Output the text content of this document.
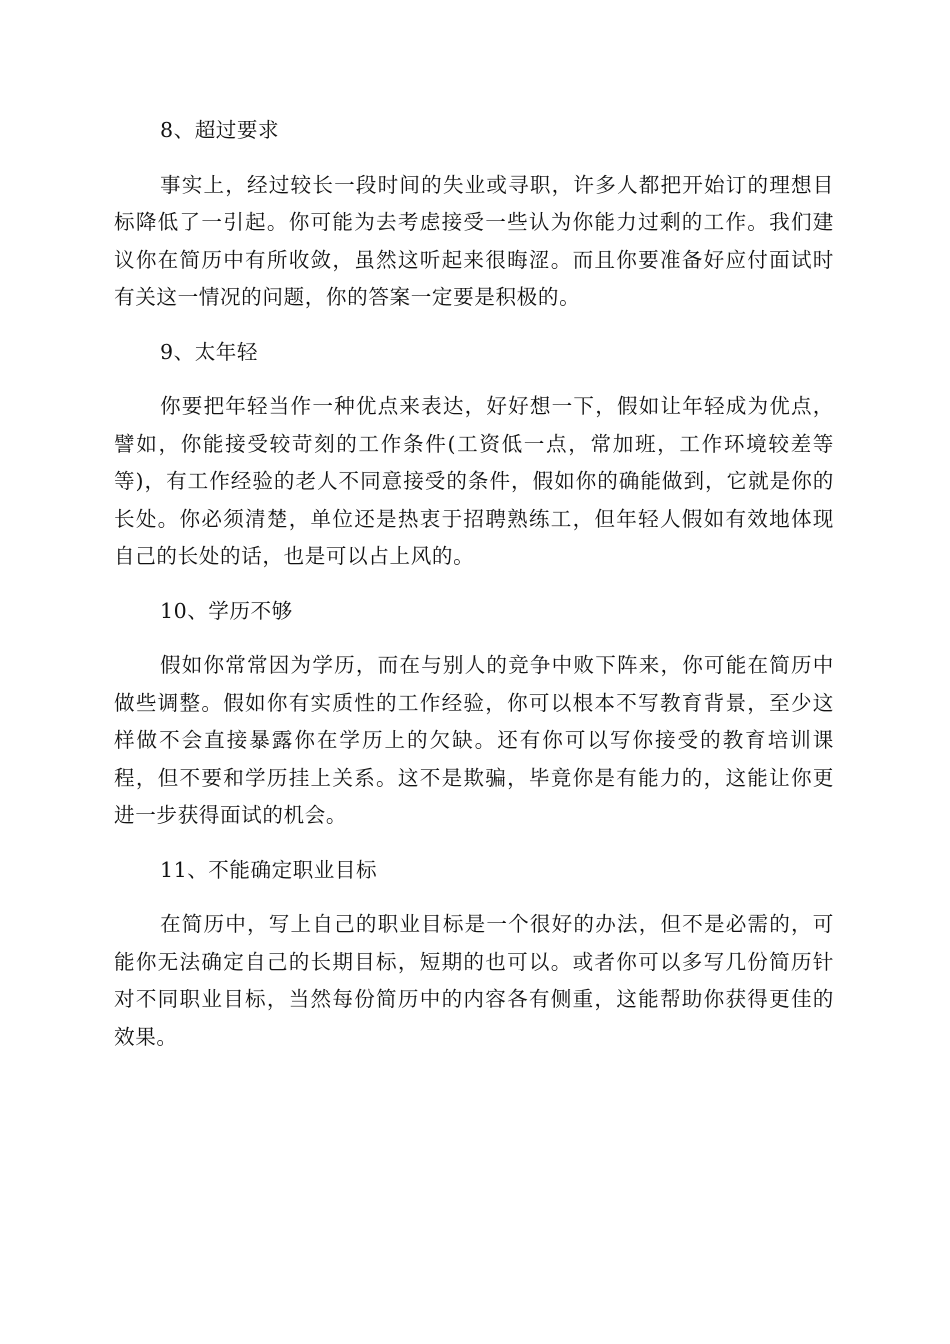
8、超过要求

事实上，经过较长一段时间的失业或寻职，许多人都把开始订的理想目标降低了一引起。你可能为去考虑接受一些认为你能力过剩的工作。我们建议你在简历中有所收敛，虽然这听起来很晦涩。而且你要准备好应付面试时有关这一情况的问题，你的答案一定要是积极的。

9、太年轻

你要把年轻当作一种优点来表达，好好想一下，假如让年轻成为优点，譬如，你能接受较苛刻的工作条件(工资低一点，常加班，工作环境较差等等)，有工作经验的老人不同意接受的条件，假如你的确能做到，它就是你的长处。你必须清楚，单位还是热衷于招聘熟练工，但年轻人假如有效地体现自己的长处的话，也是可以占上风的。

10、学历不够

假如你常常因为学历，而在与别人的竞争中败下阵来，你可能在简历中做些调整。假如你有实质性的工作经验，你可以根本不写教育背景，至少这样做不会直接暴露你在学历上的欠缺。还有你可以写你接受的教育培训课程，但不要和学历挂上关系。这不是欺骗，毕竟你是有能力的，这能让你更进一步获得面试的机会。

11、不能确定职业目标

在简历中，写上自己的职业目标是一个很好的办法，但不是必需的，可能你无法确定自己的长期目标，短期的也可以。或者你可以多写几份简历针对不同职业目标，当然每份简历中的内容各有侧重，这能帮助你获得更佳的效果。
